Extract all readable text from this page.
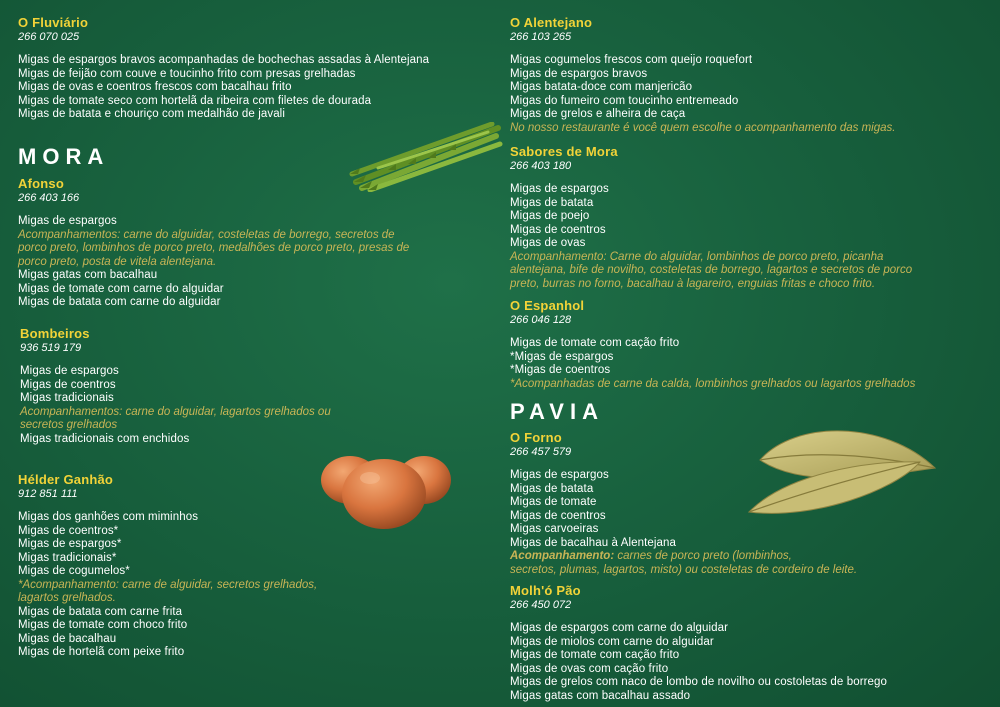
O Fluviário
266 070 025
Migas de espargos bravos acompanhadas de bochechas assadas à Alentejana
Migas de feijão com couve e toucinho frito com presas grelhadas
Migas de ovas e coentros frescos com bacalhau frito
Migas de tomate seco com hortelã da ribeira com filetes de dourada
Migas de batata e chouriço com medalhão de javali
MORA
Afonso
266 403 166
Migas de espargos
Acompanhamentos: carne do alguidar, costeletas de borrego, secretos de
porco preto, lombinhos de porco preto, medalhões de porco preto, presas de
porco preto, posta de vitela alentejana.
Migas gatas com bacalhau
Migas de tomate com carne do alguidar
Migas de batata com carne do alguidar
Bombeiros
936 519 179
Migas de espargos
Migas de coentros
Migas tradicionais
Acompanhamentos: carne do alguidar, lagartos grelhados ou
secretos grelhados
Migas tradicionais com enchidos
Hélder Ganhão
912 851 111
Migas dos ganhões com miminhos
Migas de coentros*
Migas de espargos*
Migas tradicionais*
Migas de cogumelos*
*Acompanhamento: carne de alguidar, secretos grelhados,
lagartos grelhados.
Migas de batata com carne frita
Migas de tomate com choco frito
Migas de bacalhau
Migas de hortelã com peixe frito
O Alentejano
266 103 265
Migas cogumelos frescos com queijo roquefort
Migas de espargos bravos
Migas batata-doce com manjericão
Migas do fumeiro com toucinho entremeado
Migas de grelos e alheira de caça
No nosso restaurante é você quem escolhe o acompanhamento das migas.
Sabores de Mora
266 403 180
Migas de espargos
Migas de batata
Migas de poejo
Migas de coentros
Migas de ovas
Acompanhamento: Carne do alguidar, lombinhos de porco preto, picanha
alentejana, bife de novilho, costeletas de borrego, lagartos e secretos de porco
preto, burras no forno, bacalhau à lagareiro, enguias fritas e choco frito.
O Espanhol
266 046 128
Migas de tomate com cação frito
*Migas de espargos
*Migas de coentros
*Acompanhadas de carne da calda, lombinhos grelhados ou lagartos grelhados
PAVIA
O Forno
266 457 579
Migas de espargos
Migas de batata
Migas de tomate
Migas de coentros
Migas carvoeiras
Migas de bacalhau à Alentejana
Acompanhamento: carnes de porco preto (lombinhos,
secretos, plumas, lagartos, misto) ou costeletas de cordeiro de leite.
Molh'ó Pão
266 450 072
Migas de espargos com carne do alguidar
Migas de miolos com carne do alguidar
Migas de tomate com cação frito
Migas de ovas com cação frito
Migas de grelos com naco de lombo de novilho ou costoletas de borrego
Migas gatas com bacalhau assado
